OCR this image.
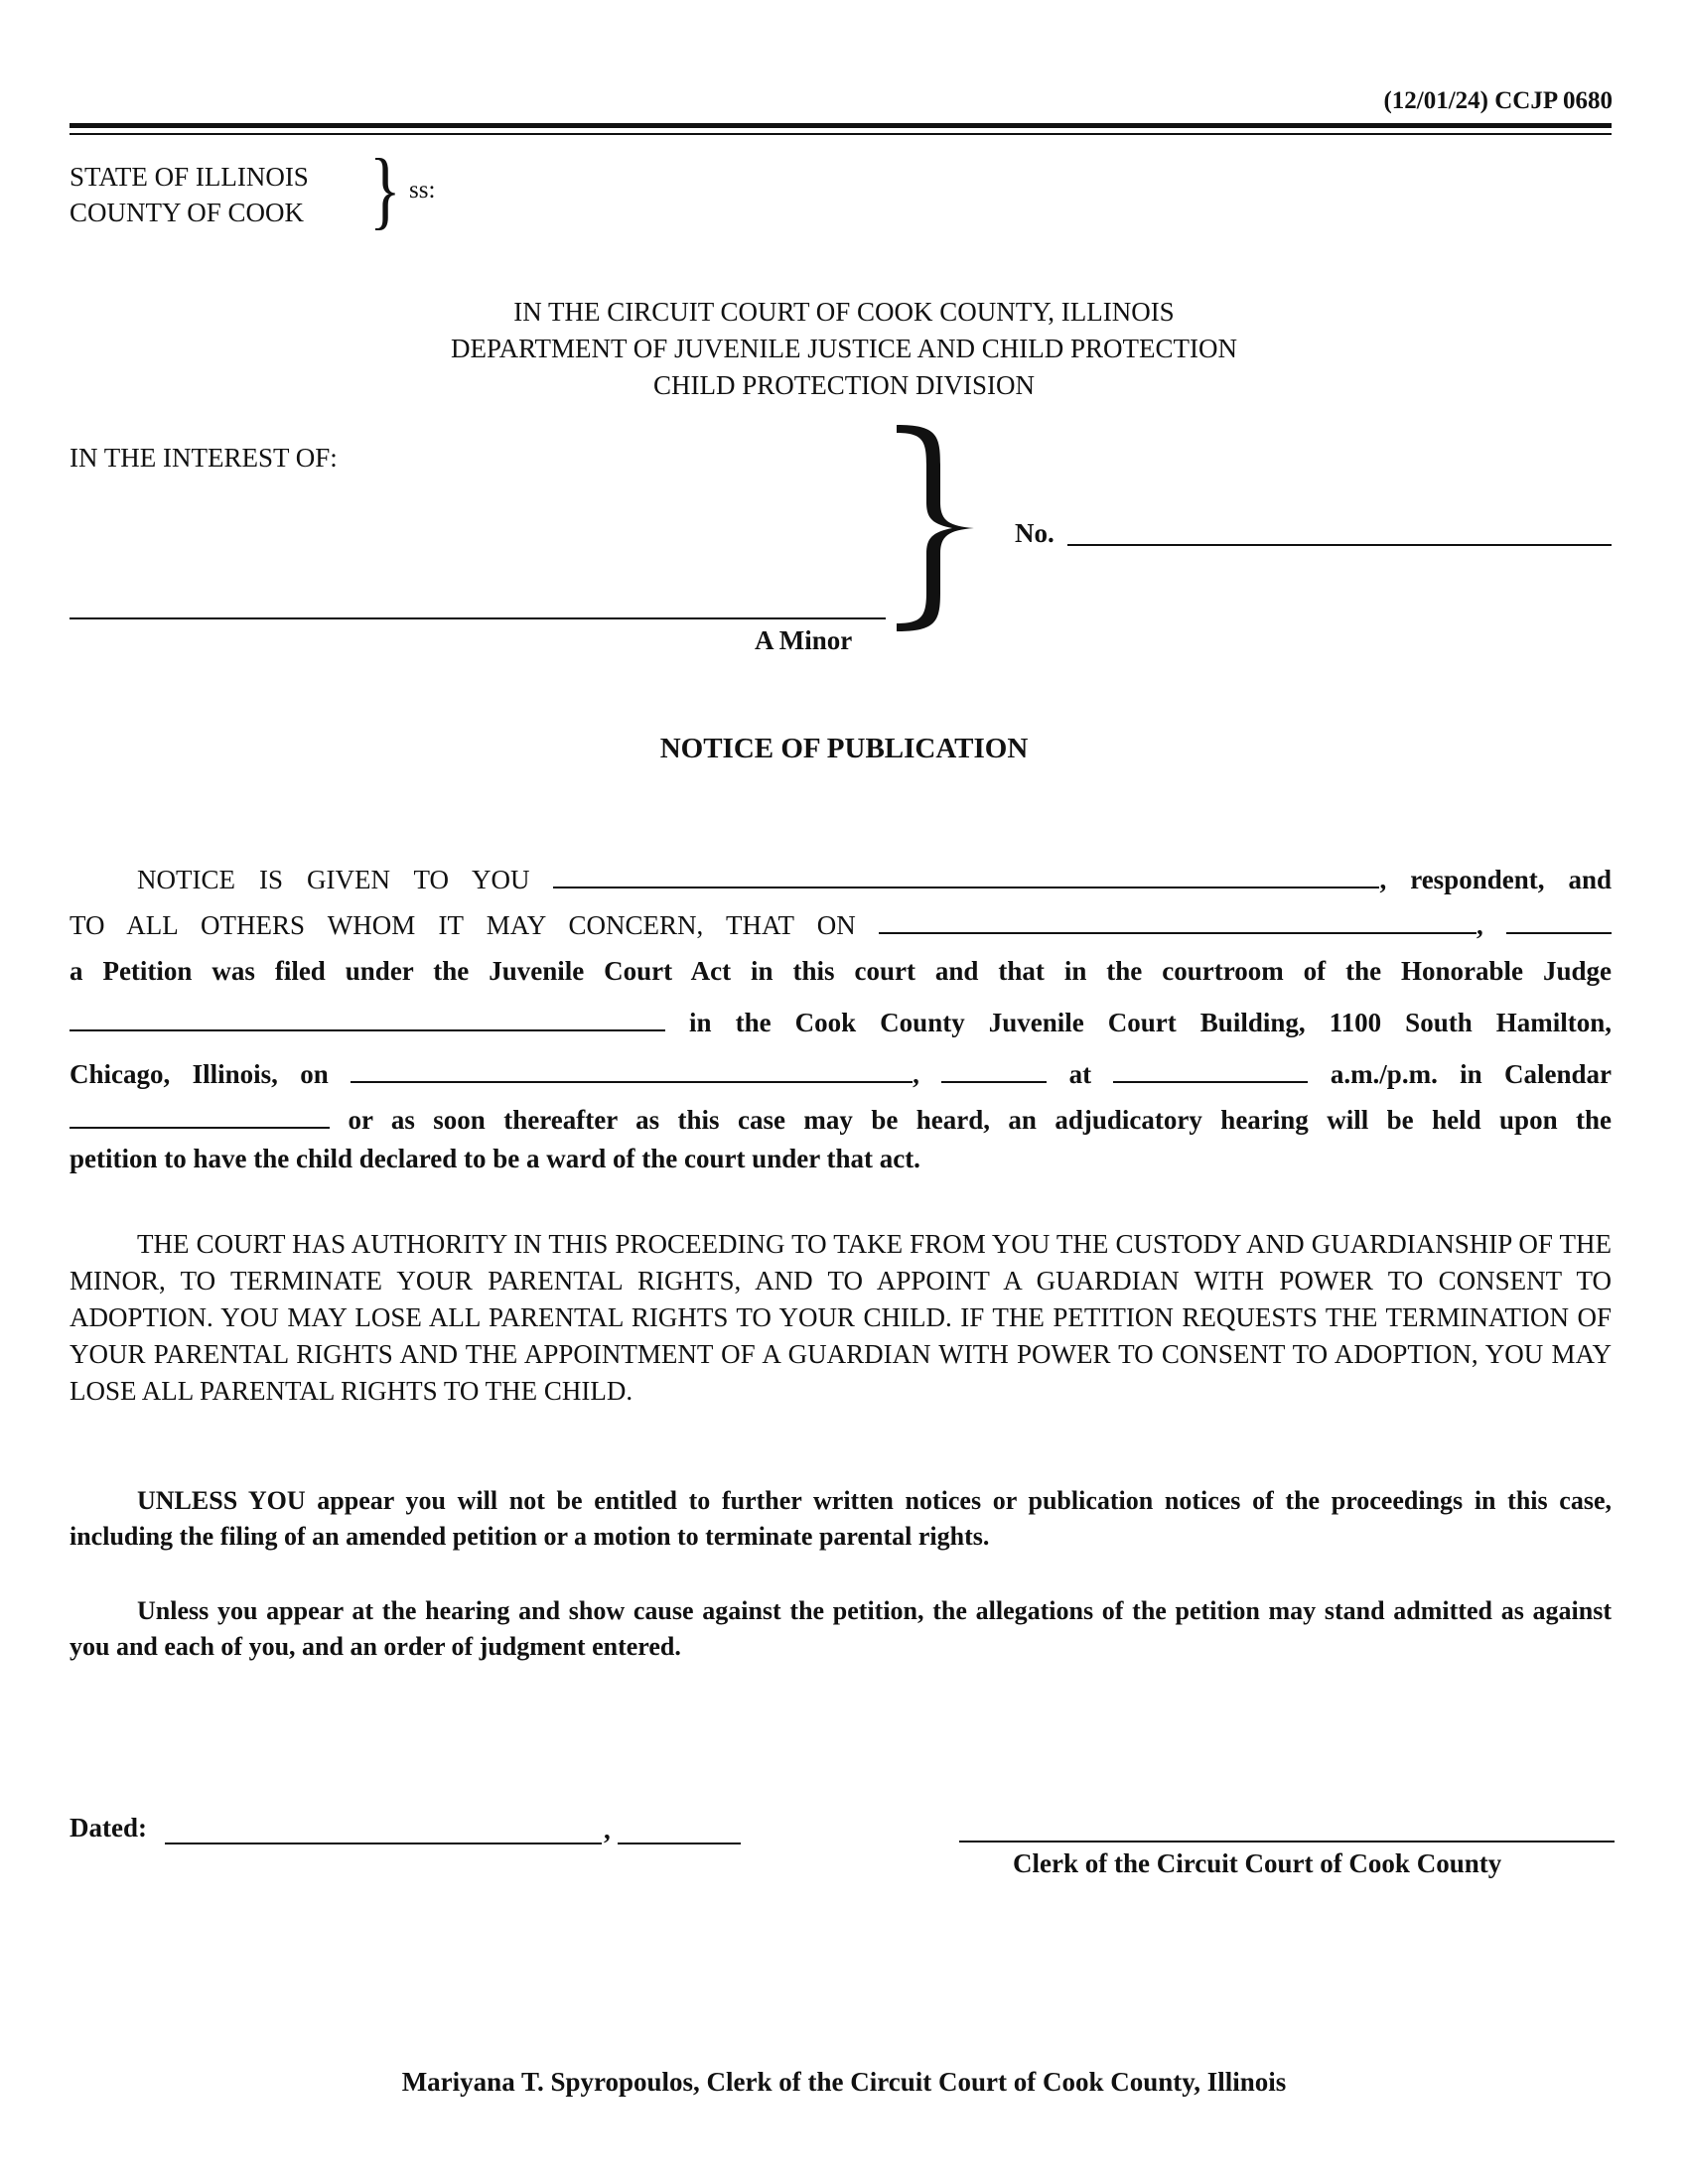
(12/01/24) CCJP 0680
STATE OF ILLINOIS
COUNTY OF COOK } ss:
IN THE CIRCUIT COURT OF COOK COUNTY, ILLINOIS
DEPARTMENT OF JUVENILE JUSTICE AND CHILD PROTECTION
CHILD PROTECTION DIVISION
IN THE INTEREST OF:
A Minor
No.
NOTICE OF PUBLICATION
NOTICE IS GIVEN TO YOU	, respondent, and
TO ALL OTHERS WHOM IT MAY CONCERN, THAT ON	,
a Petition was filed under the Juvenile Court Act in this court and that in the courtroom of the Honorable Judge
in the Cook County Juvenile Court Building, 1100 South Hamilton,
Chicago, Illinois, on	,	at	a.m./p.m. in Calendar
or as soon thereafter as this case may be heard, an adjudicatory hearing will be held upon the
petition to have the child declared to be a ward of the court under that act.
THE COURT HAS AUTHORITY IN THIS PROCEEDING TO TAKE FROM YOU THE CUSTODY AND GUARDIANSHIP OF THE MINOR, TO TERMINATE YOUR PARENTAL RIGHTS, AND TO APPOINT A GUARDIAN WITH POWER TO CONSENT TO ADOPTION. YOU MAY LOSE ALL PARENTAL RIGHTS TO YOUR CHILD. IF THE PETITION REQUESTS THE TERMINATION OF YOUR PARENTAL RIGHTS AND THE APPOINTMENT OF A GUARDIAN WITH POWER TO CONSENT TO ADOPTION, YOU MAY LOSE ALL PARENTAL RIGHTS TO THE CHILD.
UNLESS YOU appear you will not be entitled to further written notices or publication notices of the proceedings in this case, including the filing of an amended petition or a motion to terminate parental rights.
Unless you appear at the hearing and show cause against the petition, the allegations of the petition may stand admitted as against you and each of you, and an order of judgment entered.
Dated:	,
Clerk of the Circuit Court of Cook County
Mariyana T. Spyropoulos, Clerk of the Circuit Court of Cook County, Illinois
